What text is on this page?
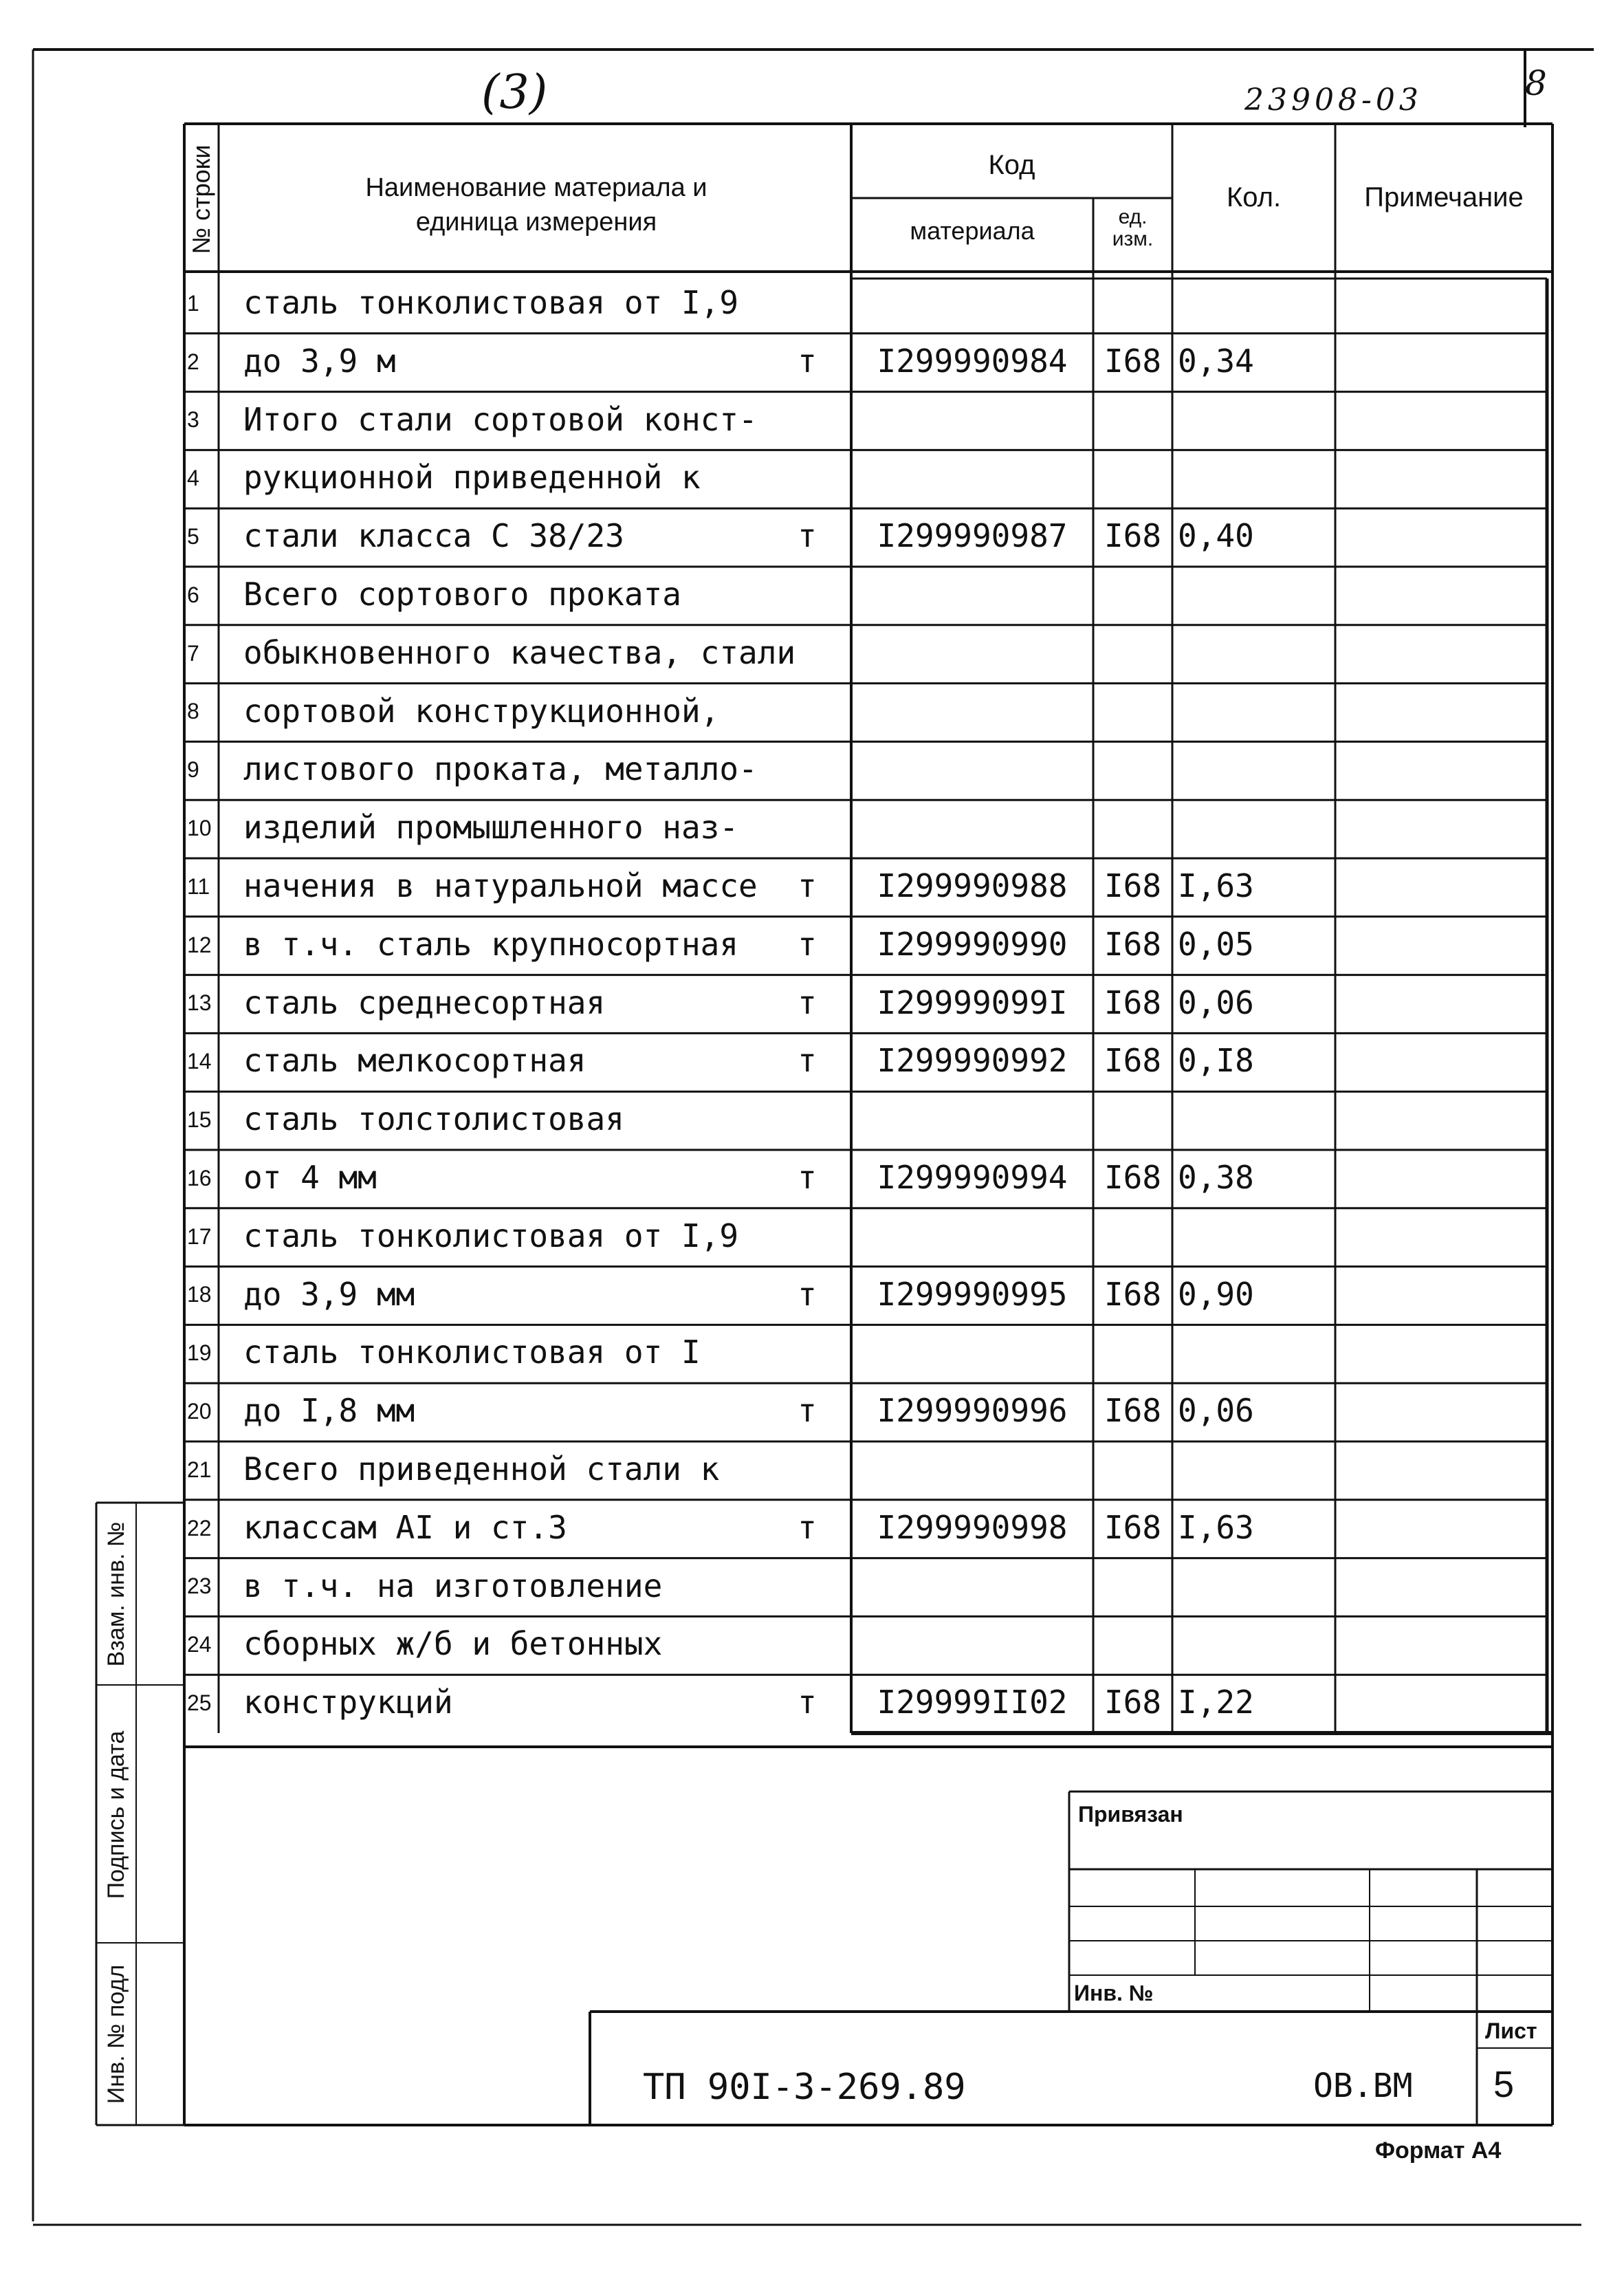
(3)	23908-03	8
№ строки	Наименование материала и
единица измерения
Код
материала	ед.
изм.
Кол.	Примечание
1	сталь тонколистовая от I,9
2	до 3,9 м	т	I299990984	I68 0,34
3	Итого стали сортовой конст-
4	рукционной приведенной к
5	стали класса С 38/23	т	I299990987	I68 0,40
6	Всего сортового проката
7	обыкновенного качества, стали
8	сортовой конструкционной,
9	листового проката, металло-
10 изделий промышленного наз-
11 начения в натуральной массе	т	I299990988	I68 I,63
12 в т.ч. сталь крупносортная	т	I299990990	I68 0,05
13 сталь среднесортная	т	I29999099I	I68 0,06
14 сталь мелкосортная	т	I299990992	I68 0,I8
15 сталь толстолистовая
16 от 4 мм	т	I299990994	I68 0,38
17 сталь тонколистовая от I,9
18 до 3,9 мм	т	I299990995	I68 0,90
19 сталь тонколистовая от I
20 до I,8 мм	т	I299990996	I68 0,06
21 Всего приведенной стали к
22 классам AI и ст.3	т	I299990998	I68 I,63
23 в т.ч. на изготовление
24 сборных ж/б и бетонных
25 конструкций	т	I29999II02	I68 I,22
Взам. инв. №
Подпись и дата
Инв. № подл
Привязан
Инв. №
ТП 90I-3-269.89	ОВ.ВМ
Лист
5
Формат А4
